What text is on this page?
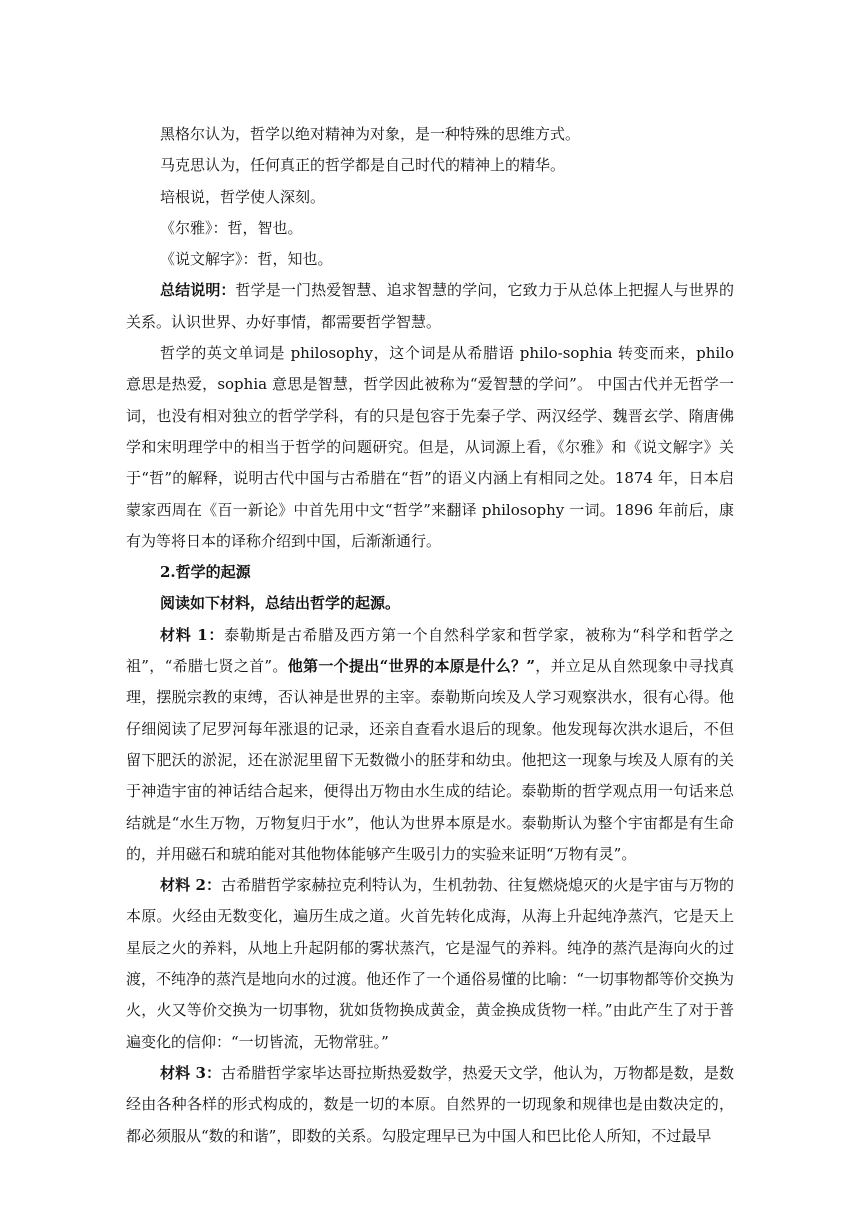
黑格尔认为，哲学以绝对精神为对象，是一种特殊的思维方式。

马克思认为，任何真正的哲学都是自己时代的精神上的精华。

培根说，哲学使人深刻。

《尔雅》：哲，智也。

《说文解字》：哲，知也。

总结说明：哲学是一门热爱智慧、追求智慧的学问，它致力于从总体上把握人与世界的关系。认识世界、办好事情，都需要哲学智慧。

哲学的英文单词是 philosophy，这个词是从希腊语 philo-sophia 转变而来，philo 意思是热爱，sophia 意思是智慧，哲学因此被称为“爱智慧的学问”。 中国古代并无哲学一词，也没有相对独立的哲学学科，有的只是包容于先秦子学、两汉经学、魏晋玄学、隋唐佛学和宋明理学中的相当于哲学的问题研究。但是，从词源上看，《尔雅》和《说文解字》关于“哲”的解释，说明古代中国与古希腊在“哲”的语义内涵上有相同之处。1874 年，日本启蒙家西周在《百一新论》中首先用中文“哲学”来翻译 philosophy 一词。1896 年前后，康有为等将日本的译称介绍到中国，后渐渐通行。

2.哲学的起源

阅读如下材料，总结出哲学的起源。

材料 1：泰勒斯是古希腊及西方第一个自然科学家和哲学家，被称为“科学和哲学之祖”，“希腊七贤之首”。他第一个提出“世界的本原是什么？”，并立足从自然现象中寻找真理，摆脱宗教的束缚，否认神是世界的主宰。泰勒斯向埃及人学习观察洪水，很有心得。他仔细阅读了尼罗河每年涨退的记录，还亲自查看水退后的现象。他发现每次洪水退后，不但留下肥沃的淤泥，还在淤泥里留下无数微小的胚芽和幼虫。他把这一现象与埃及人原有的关于神造宇宙的神话结合起来，便得出万物由水生成的结论。泰勒斯的哲学观点用一句话来总结就是“水生万物，万物复归于水”，他认为世界本原是水。泰勒斯认为整个宇宙都是有生命的，并用磁石和琥珀能对其他物体能够产生吸引力的实验来证明“万物有灵”。

材料 2：古希腊哲学家赫拉克利特认为，生机勃勃、往复燃烧熄灭的火是宇宙与万物的本原。火经由无数变化，遍历生成之道。火首先转化成海，从海上升起纯净蒸汽，它是天上星辰之火的养料，从地上升起阴郁的雾状蒸汽，它是湿气的养料。纯净的蒸汽是海向火的过渡，不纯净的蒸汽是地向水的过渡。他还作了一个通俗易懂的比喻：“一切事物都等价交换为火，火又等价交换为一切事物，犹如货物换成黄金，黄金换成货物一样。”由此产生了对于普遍变化的信仰：“一切皆流，无物常驻。”

材料 3：古希腊哲学家毕达哥拉斯热爱数学，热爱天文学，他认为，万物都是数，是数经由各种各样的形式构成的，数是一切的本原。自然界的一切现象和规律也是由数决定的，都必须服从“数的和谐”，即数的关系。勾股定理早已为中国人和巴比伦人所知，不过最早
